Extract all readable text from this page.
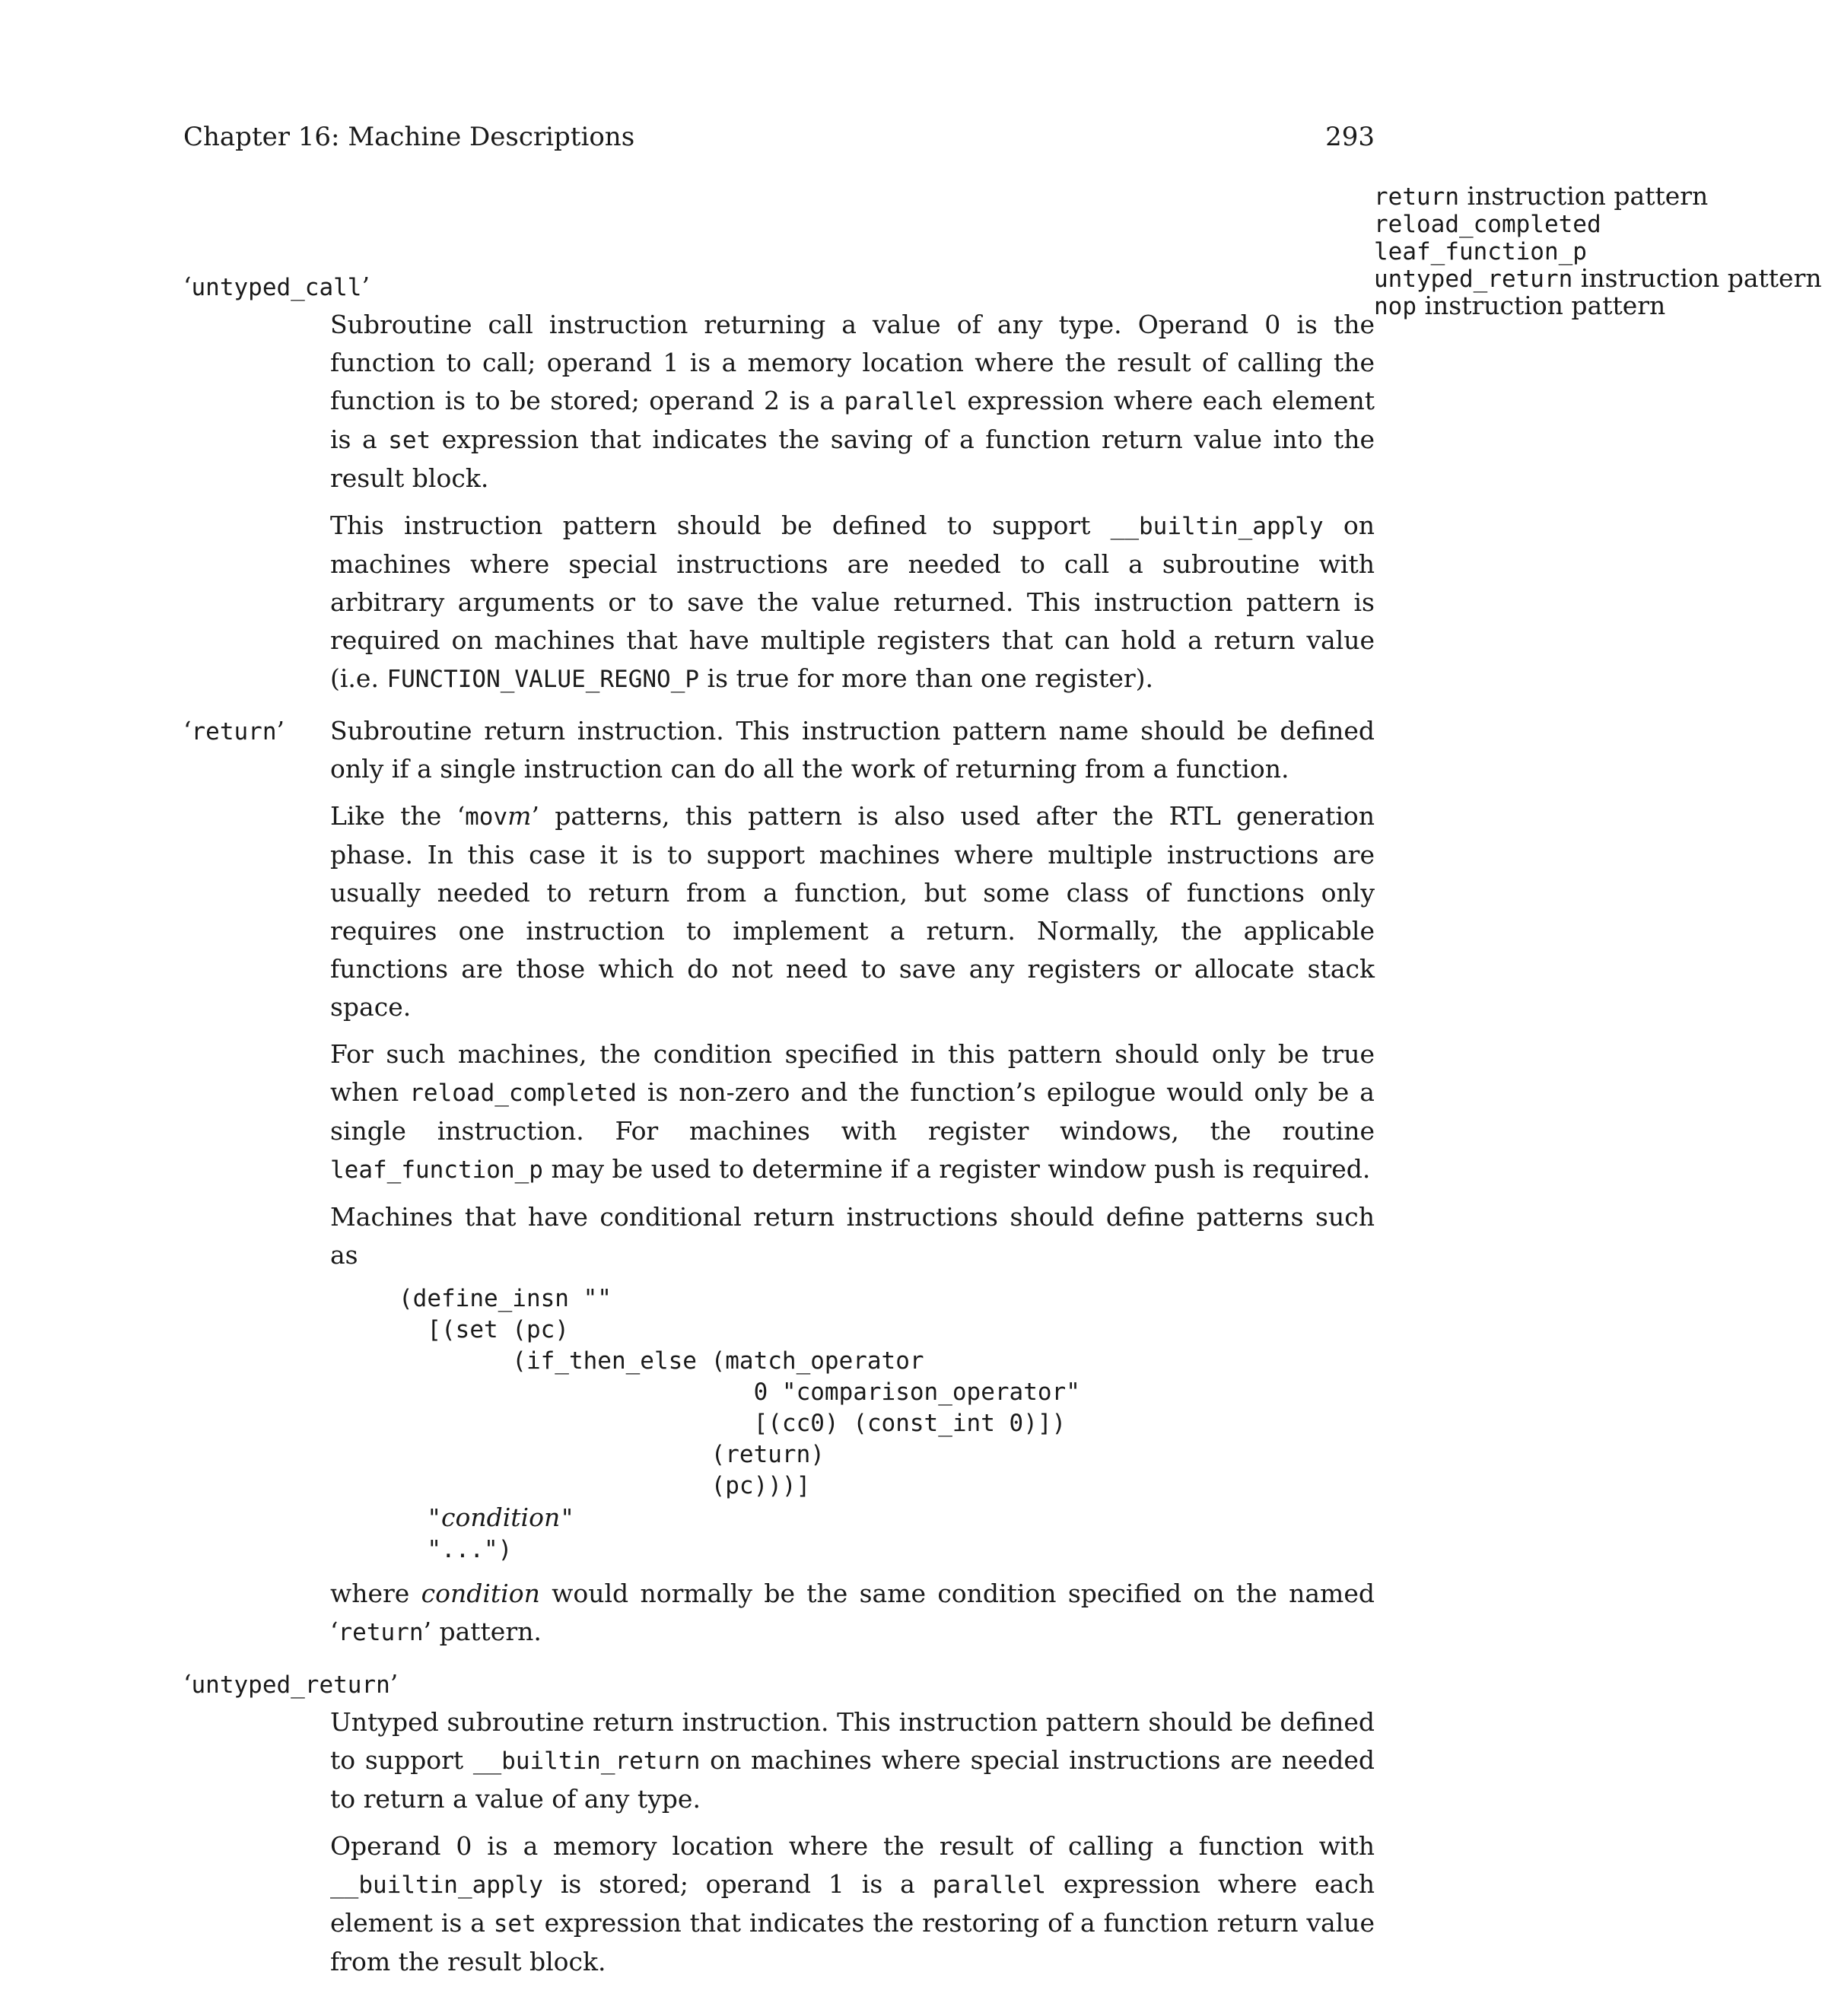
Chapter 16: Machine Descriptions	293
return instruction pattern
reload_completed
leaf_function_p
untyped_return instruction pattern
nop instruction pattern
‘untyped_call’

Subroutine call instruction returning a value of any type. Operand 0 is the function to call; operand 1 is a memory location where the result of calling the function is to be stored; operand 2 is a parallel expression where each element is a set expression that indicates the saving of a function return value into the result block.

This instruction pattern should be defined to support __builtin_apply on machines where special instructions are needed to call a subroutine with arbitrary arguments or to save the value returned. This instruction pattern is required on machines that have multiple registers that can hold a return value (i.e. FUNCTION_VALUE_REGNO_P is true for more than one register).

‘return’ Subroutine return instruction. This instruction pattern name should be defined only if a single instruction can do all the work of returning from a function.

Like the ‘movm’ patterns, this pattern is also used after the RTL generation phase. In this case it is to support machines where multiple instructions are usually needed to return from a function, but some class of functions only requires one instruction to implement a return. Normally, the applicable functions are those which do not need to save any registers or allocate stack space.

For such machines, the condition specified in this pattern should only be true when reload_completed is non-zero and the function’s epilogue would only be a single instruction. For machines with register windows, the routine leaf_function_p may be used to determine if a register window push is required.

Machines that have conditional return instructions should define patterns such as

(define_insn ""
[(set (pc)
(if_then_else (match_operator
0 "comparison_operator"
[(cc0) (const_int 0)])
(return)
(pc)))]
"condition"
"...")

where condition would normally be the same condition specified on the named ‘return’ pattern.

‘untyped_return’

Untyped subroutine return instruction. This instruction pattern should be defined to support __builtin_return on machines where special instructions are needed to return a value of any type.

Operand 0 is a memory location where the result of calling a function with __builtin_apply is stored; operand 1 is a parallel expression where each element is a set expression that indicates the restoring of a function return value from the result block.
